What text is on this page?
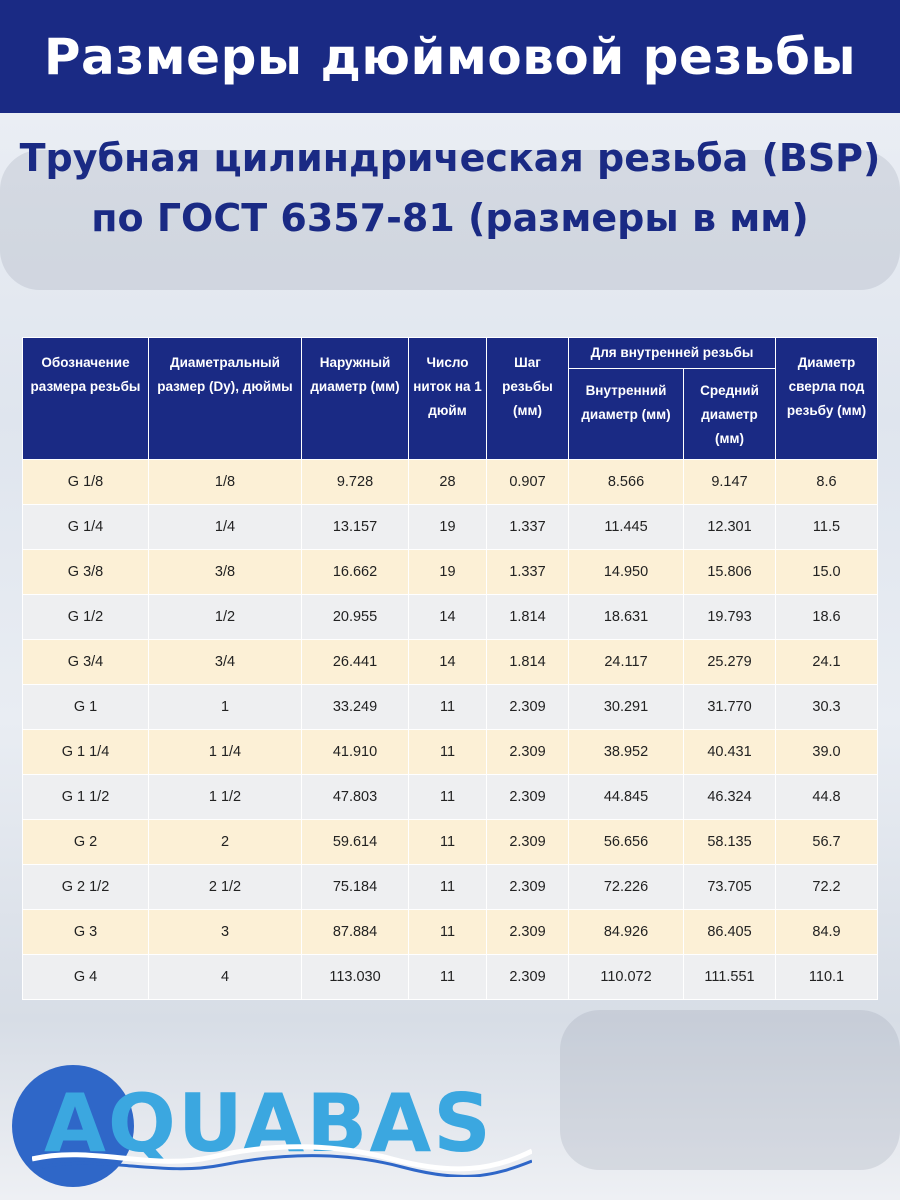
Размеры дюймовой резьбы
Трубная цилиндрическая резьба (BSP)
по ГОСТ 6357-81 (размеры в мм)
Обозначение размера резьбы	Диаметральный размер (Dy), дюймы	Наружный диаметр (мм)	Число ниток на 1 дюйм	Шаг резьбы (мм)	Для внутренней резьбы		Диаметр сверла под резьбу (мм)
					Внутренний диаметр (мм)	Средний диаметр (мм)	
G 1/8	1/8	9.728	28	0.907	8.566	9.147	8.6
G 1/4	1/4	13.157	19	1.337	11.445	12.301	11.5
G 3/8	3/8	16.662	19	1.337	14.950	15.806	15.0
G 1/2	1/2	20.955	14	1.814	18.631	19.793	18.6
G 3/4	3/4	26.441	14	1.814	24.117	25.279	24.1
G 1	1	33.249	11	2.309	30.291	31.770	30.3
G 1 1/4	1 1/4	41.910	11	2.309	38.952	40.431	39.0
G 1 1/2	1 1/2	47.803	11	2.309	44.845	46.324	44.8
G 2	2	59.614	11	2.309	56.656	58.135	56.7
G 2 1/2	2 1/2	75.184	11	2.309	72.226	73.705	72.2
G 3	3	87.884	11	2.309	84.926	86.405	84.9
G 4	4	113.030	11	2.309	110.072	111.551	110.1
AQUABAS
